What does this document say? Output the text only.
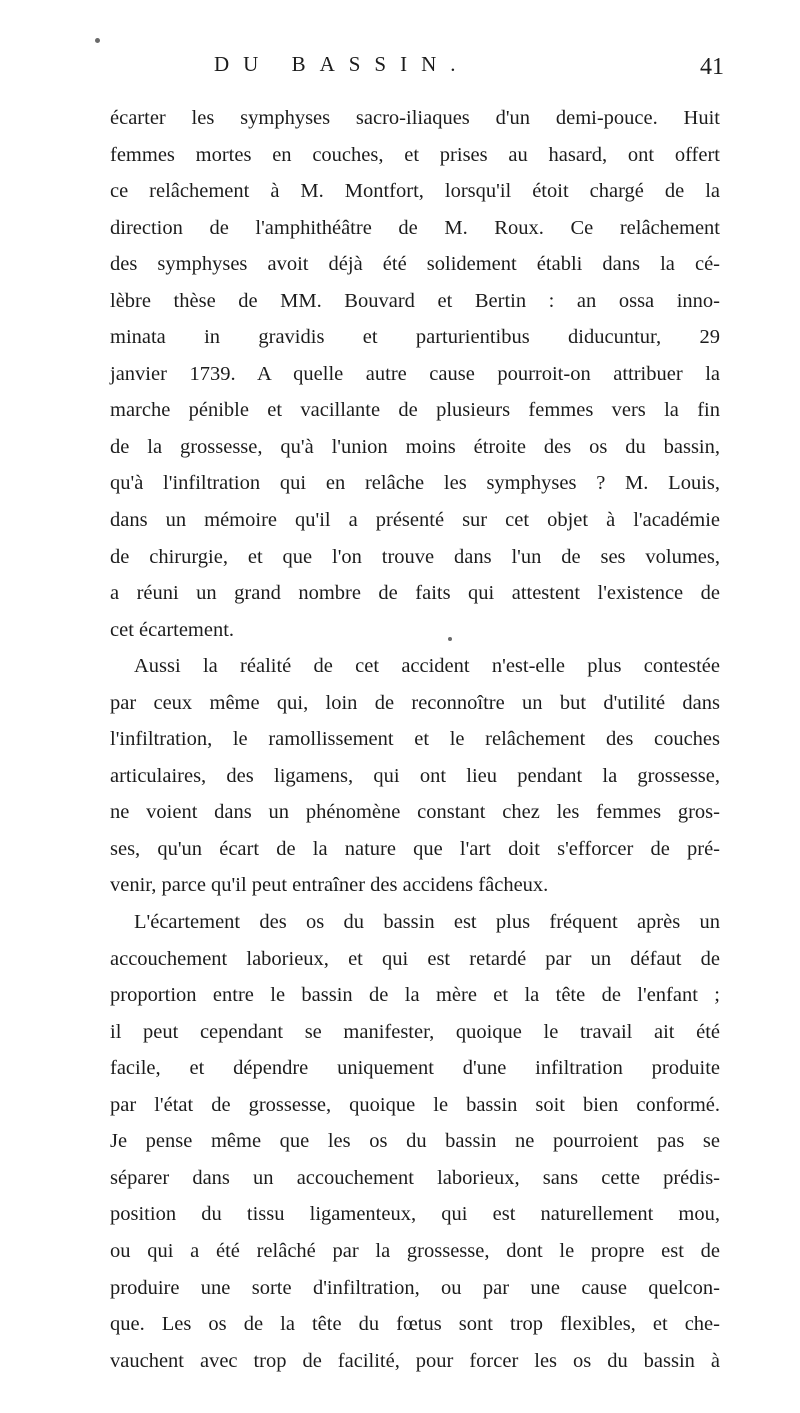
DU BASSIN.	41
écarter les symphyses sacro-iliaques d'un demi-pouce. Huit
femmes mortes en couches, et prises au hasard, ont offert
ce relâchement à M. Montfort, lorsqu'il étoit chargé de la
direction de l'amphithéâtre de M. Roux. Ce relâchement
des symphyses avoit déjà été solidement établi dans la cé-
lèbre thèse de MM. Bouvard et Bertin : an ossa inno-
minata in gravidis et parturientibus diducuntur, 29
janvier 1739. A quelle autre cause pourroit-on attribuer la
marche pénible et vacillante de plusieurs femmes vers la fin
de la grossesse, qu'à l'union moins étroite des os du bassin,
qu'à l'infiltration qui en relâche les symphyses ? M. Louis,
dans un mémoire qu'il a présenté sur cet objet à l'académie
de chirurgie, et que l'on trouve dans l'un de ses volumes,
a réuni un grand nombre de faits qui attestent l'existence de
cet écartement.
Aussi la réalité de cet accident n'est-elle plus contestée
par ceux même qui, loin de reconnoître un but d'utilité dans
l'infiltration, le ramollissement et le relâchement des couches
articulaires, des ligamens, qui ont lieu pendant la grossesse,
ne voient dans un phénomène constant chez les femmes gros-
ses, qu'un écart de la nature que l'art doit s'efforcer de pré-
venir, parce qu'il peut entraîner des accidens fâcheux.
L'écartement des os du bassin est plus fréquent après un
accouchement laborieux, et qui est retardé par un défaut de
proportion entre le bassin de la mère et la tête de l'enfant ;
il peut cependant se manifester, quoique le travail ait été
facile, et dépendre uniquement d'une infiltration produite
par l'état de grossesse, quoique le bassin soit bien conformé.
Je pense même que les os du bassin ne pourroient pas se
séparer dans un accouchement laborieux, sans cette prédis-
position du tissu ligamenteux, qui est naturellement mou,
ou qui a été relâché par la grossesse, dont le propre est de
produire une sorte d'infiltration, ou par une cause quelcon-
que. Les os de la tête du fœtus sont trop flexibles, et che-
vauchent avec trop de facilité, pour forcer les os du bassin à
